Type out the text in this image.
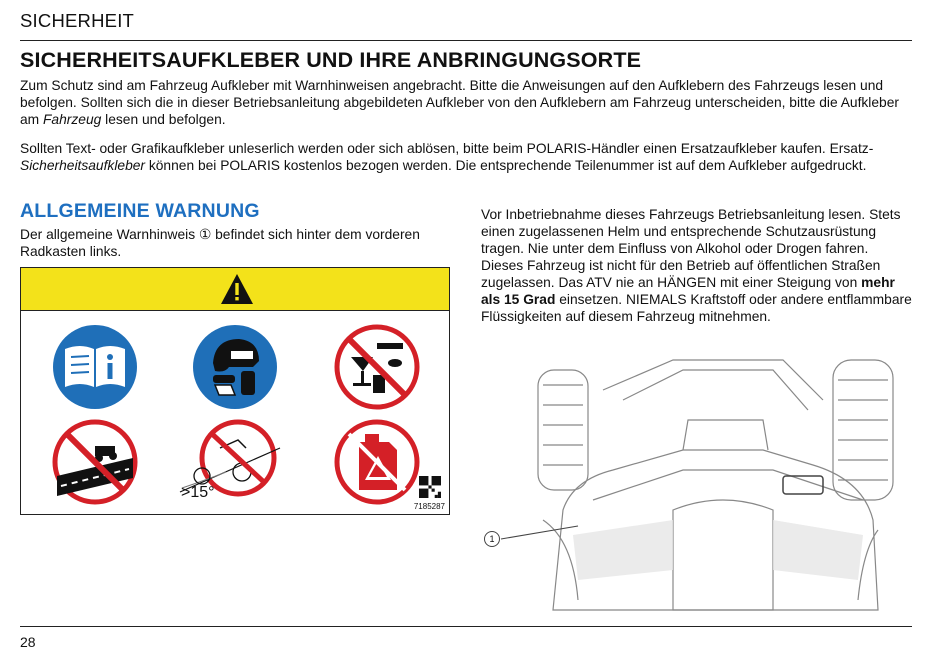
SICHERHEIT
SICHERHEITSAUFKLEBER UND IHRE ANBRINGUNGSORTE

Zum Schutz sind am Fahrzeug Aufkleber mit Warnhinweisen angebracht. Bitte die Anweisungen auf den Aufklebern des Fahrzeugs lesen und befolgen. Sollten sich die in dieser Betriebsanleitung abgebildeten Aufkleber von den Aufklebern am Fahrzeug unterscheiden, bitte die Aufkleber am Fahrzeug lesen und befolgen.

Sollten Text- oder Grafikaufkleber unleserlich werden oder sich ablösen, bitte beim POLARIS-Händler einen Ersatzaufkleber kaufen. Ersatz-Sicherheitsaufkleber können bei POLARIS kostenlos bezogen werden. Die entsprechende Teilenummer ist auf dem Aufkleber aufgedruckt.

ALLGEMEINE WARNUNG

Der allgemeine Warnhinweis ① befindet sich hinter dem vorderen Radkasten links.

Vor Inbetriebnahme dieses Fahrzeugs Betriebsanleitung lesen. Stets einen zugelassenen Helm und entsprechende Schutzausrüstung tragen. Nie unter dem Einfluss von Alkohol oder Drogen fahren. Dieses Fahrzeug ist nicht für den Betrieb auf öffentlichen Straßen zugelassen. Das ATV nie an HÄNGEN mit einer Steigung von mehr als 15 Grad einsetzen. NIEMALS Kraftstoff oder andere entflammbare Flüssigkeiten auf diesem Fahrzeug mitnehmen.

>15°
7185287
1
28
